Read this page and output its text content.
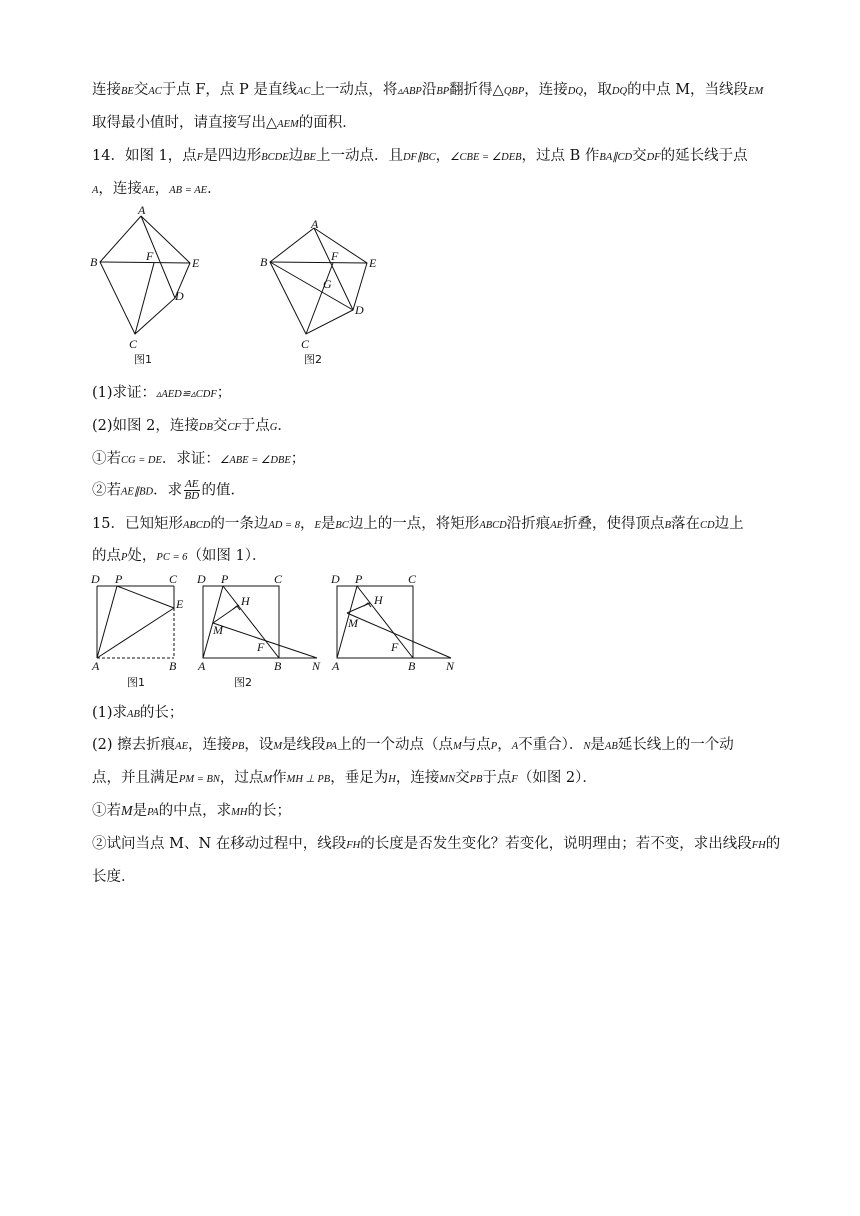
连接BE交AC于点 F，点 P 是直线AC上一动点，将▵ABP沿BP翻折得△QBP，连接DQ，取DQ的中点 M，当线段EM
取得最小值时，请直接写出△AEM的面积．
14．如图 1，点F是四边形BCDE边BE上一动点．且DF∥BC，∠CBE = ∠DEB，过点 B 作BA∥CD交DF的延长线于点
A，连接AE，AB = AE．
A
B	F	E
D
C
图1
A
B	F	E
G
D
C
图2
(1)求证：▵AED≌▵CDF；
(2)如图 2，连接DB交CF于点G．
①若CG = DE．求证：∠ABE = ∠DBE；
②若AE∥BD．求 $\frac{AE}{BD}$ 的值．
15．已知矩形ABCD的一条边AD = 8，E是BC边上的一点，将矩形ABCD沿折痕AE折叠，使得顶点B落在CD边上
的点P处，PC = 6（如图 1）．
D P	C
E
A	B
图1
D P	C
H
M
F
A	B	N
图2
D P	C
H
M
F
A	B	N
(1)求AB的长；
(2) 擦去折痕AE，连接PB，设M是线段PA上的一个动点（点M与点P，A不重合）．N是AB延长线上的一个动
点，并且满足PM = BN，过点M作MH ⊥ PB，垂足为H，连接MN交PB于点F（如图 2）．
①若M是PA的中点，求MH的长；
②试问当点 M、N 在移动过程中，线段FH的长度是否发生变化？若变化，说明理由；若不变，求出线段FH的
长度．
